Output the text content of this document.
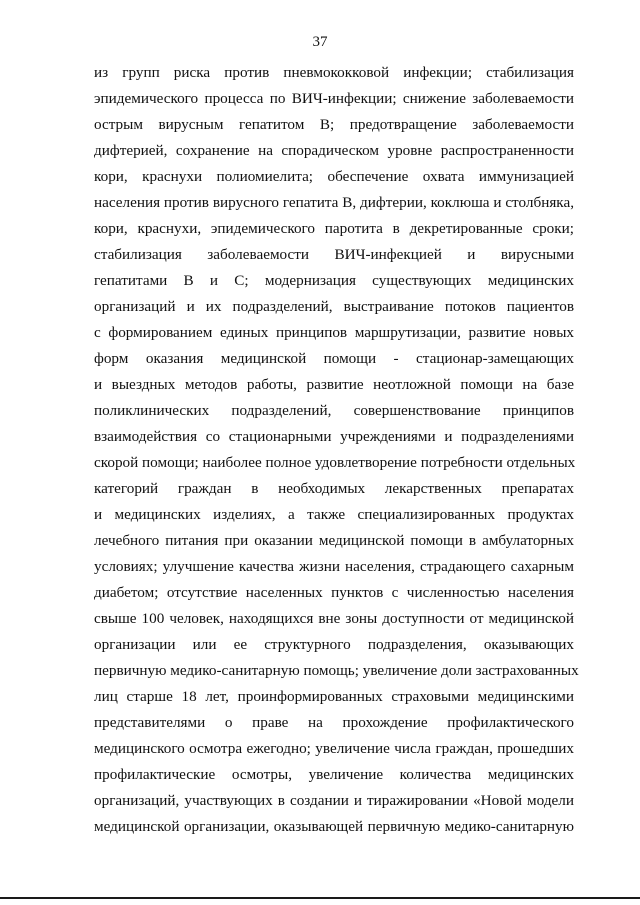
37
из групп риска против пневмококковой инфекции; стабилизация
эпидемического процесса по ВИЧ-инфекции; снижение заболеваемости
острым вирусным гепатитом В; предотвращение заболеваемости
дифтерией, сохранение на спорадическом уровне распространенности
кори, краснухи полиомиелита; обеспечение охвата иммунизацией
населения против вирусного гепатита В, дифтерии, коклюша и столбняка,
кори, краснухи, эпидемического паротита в декретированные сроки;
стабилизация заболеваемости ВИЧ-инфекцией и вирусными
гепатитами В и С; модернизация существующих медицинских
организаций и их подразделений, выстраивание потоков пациентов
с формированием единых принципов маршрутизации, развитие новых
форм оказания медицинской помощи - стационар-замещающих
и выездных методов работы, развитие неотложной помощи на базе
поликлинических подразделений, совершенствование принципов
взаимодействия со стационарными учреждениями и подразделениями
скорой помощи; наиболее полное удовлетворение потребности отдельных
категорий граждан в необходимых лекарственных препаратах
и медицинских изделиях, а также специализированных продуктах
лечебного питания при оказании медицинской помощи в амбулаторных
условиях; улучшение качества жизни населения, страдающего сахарным
диабетом; отсутствие населенных пунктов с численностью населения
свыше 100 человек, находящихся вне зоны доступности от медицинской
организации или ее структурного подразделения, оказывающих
первичную медико-санитарную помощь; увеличение доли застрахованных
лиц старше 18 лет, проинформированных страховыми медицинскими
представителями о праве на прохождение профилактического
медицинского осмотра ежегодно; увеличение числа граждан, прошедших
профилактические осмотры, увеличение количества медицинских
организаций, участвующих в создании и тиражировании «Новой модели
медицинской организации, оказывающей первичную медико-санитарную
